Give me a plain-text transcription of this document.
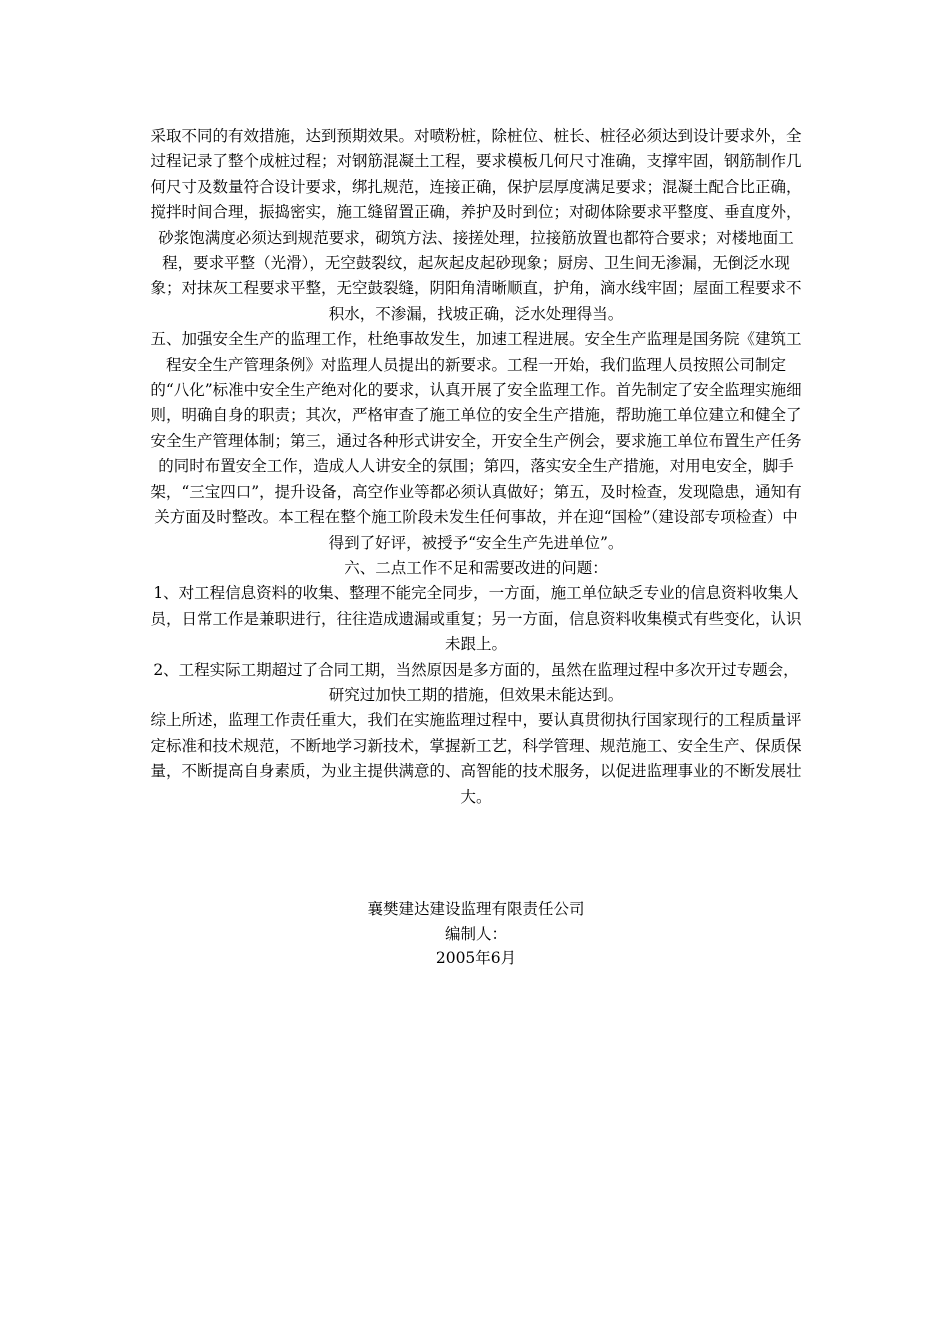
采取不同的有效措施，达到预期效果。对喷粉桩，除桩位、桩长、桩径必须达到设计要求外，全过程记录了整个成桩过程；对钢筋混凝土工程，要求模板几何尺寸准确，支撑牢固，钢筋制作几何尺寸及数量符合设计要求，绑扎规范，连接正确，保护层厚度满足要求；混凝土配合比正确，搅拌时间合理，振捣密实，施工缝留置正确，养护及时到位；对砌体除要求平整度、垂直度外，砂浆饱满度必须达到规范要求，砌筑方法、接搓处理，拉接筋放置也都符合要求；对楼地面工程，要求平整（光滑），无空鼓裂纹，起灰起皮起砂现象；厨房、卫生间无渗漏，无倒泛水现象；对抹灰工程要求平整，无空鼓裂缝，阴阳角清晰顺直，护角，滴水线牢固；屋面工程要求不积水，不渗漏，找坡正确，泛水处理得当。

五、加强安全生产的监理工作，杜绝事故发生，加速工程进展。安全生产监理是国务院《建筑工程安全生产管理条例》对监理人员提出的新要求。工程一开始，我们监理人员按照公司制定的“八化”标准中安全生产绝对化的要求，认真开展了安全监理工作。首先制定了安全监理实施细则，明确自身的职责；其次，严格审查了施工单位的安全生产措施，帮助施工单位建立和健全了安全生产管理体制；第三，通过各种形式讲安全，开安全生产例会，要求施工单位布置生产任务的同时布置安全工作，造成人人讲安全的氛围；第四，落实安全生产措施，对用电安全，脚手架，“三宝四口”，提升设备，高空作业等都必须认真做好；第五，及时检查，发现隐患，通知有关方面及时整改。本工程在整个施工阶段未发生任何事故，并在迎“国检”（建设部专项检查）中得到了好评，被授予“安全生产先进单位”。

六、二点工作不足和需要改进的问题：

1、对工程信息资料的收集、整理不能完全同步，一方面，施工单位缺乏专业的信息资料收集人员，日常工作是兼职进行，往往造成遗漏或重复；另一方面，信息资料收集模式有些变化，认识未跟上。

2、工程实际工期超过了合同工期，当然原因是多方面的，虽然在监理过程中多次开过专题会，研究过加快工期的措施，但效果未能达到。

综上所述，监理工作责任重大，我们在实施监理过程中，要认真贯彻执行国家现行的工程质量评定标准和技术规范，不断地学习新技术，掌握新工艺，科学管理、规范施工、安全生产、保质保量，不断提高自身素质，为业主提供满意的、高智能的技术服务，以促进监理事业的不断发展壮大。

襄樊建达建设监理有限责任公司

编制人：

2005年6月
